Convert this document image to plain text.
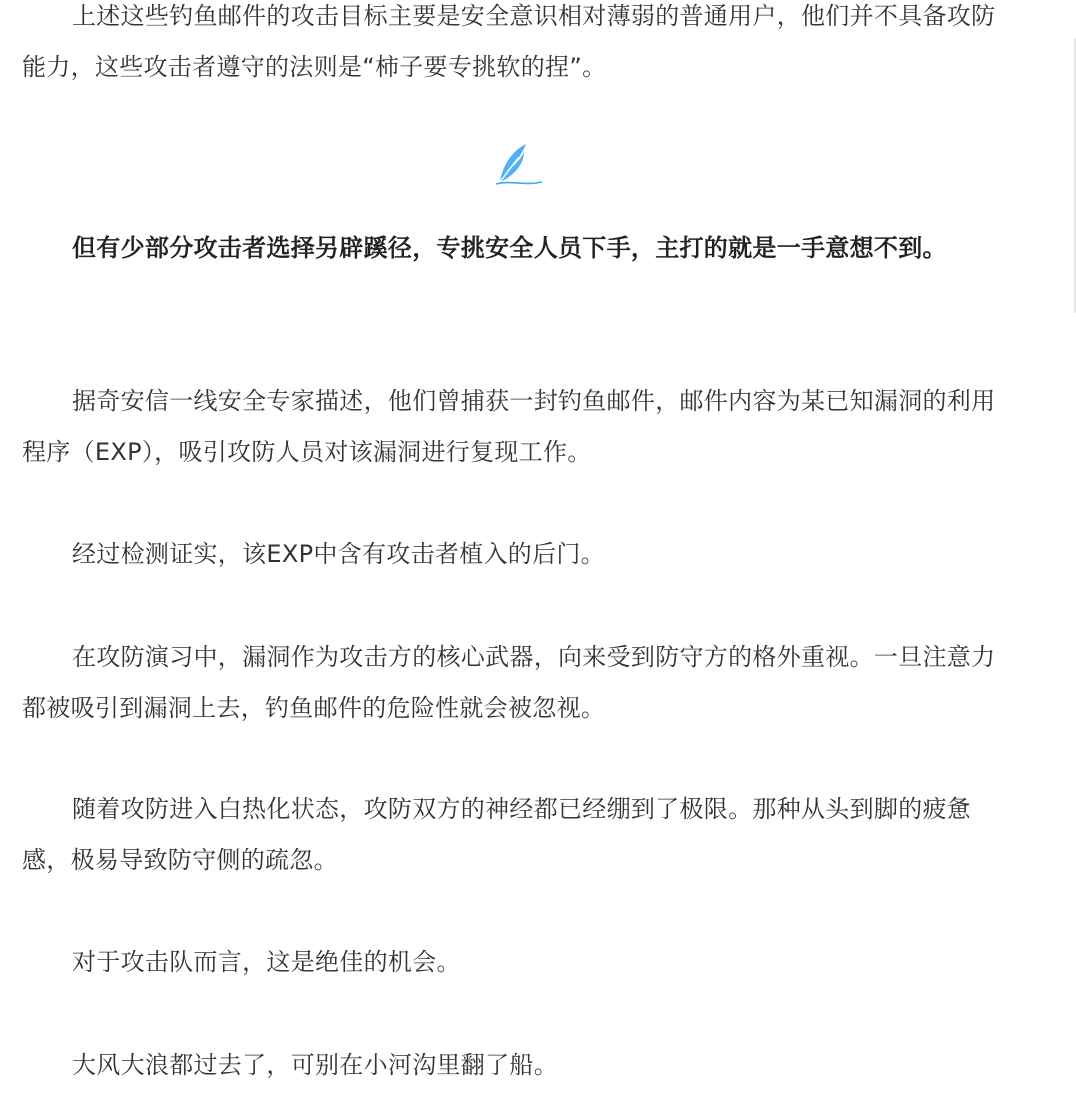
上述这些钓鱼邮件的攻击目标主要是安全意识相对薄弱的普通用户，他们并不具备攻防能力，这些攻击者遵守的法则是“柿子要专挑软的捏”。

但有少部分攻击者选择另辟蹊径，专挑安全人员下手，主打的就是一手意想不到。

据奇安信一线安全专家描述，他们曾捕获一封钓鱼邮件，邮件内容为某已知漏洞的利用程序（EXP），吸引攻防人员对该漏洞进行复现工作。

经过检测证实，该EXP中含有攻击者植入的后门。

在攻防演习中，漏洞作为攻击方的核心武器，向来受到防守方的格外重视。一旦注意力都被吸引到漏洞上去，钓鱼邮件的危险性就会被忽视。

随着攻防进入白热化状态，攻防双方的神经都已经绷到了极限。那种从头到脚的疲惫感，极易导致防守侧的疏忽。

对于攻击队而言，这是绝佳的机会。

大风大浪都过去了，可别在小河沟里翻了船。
